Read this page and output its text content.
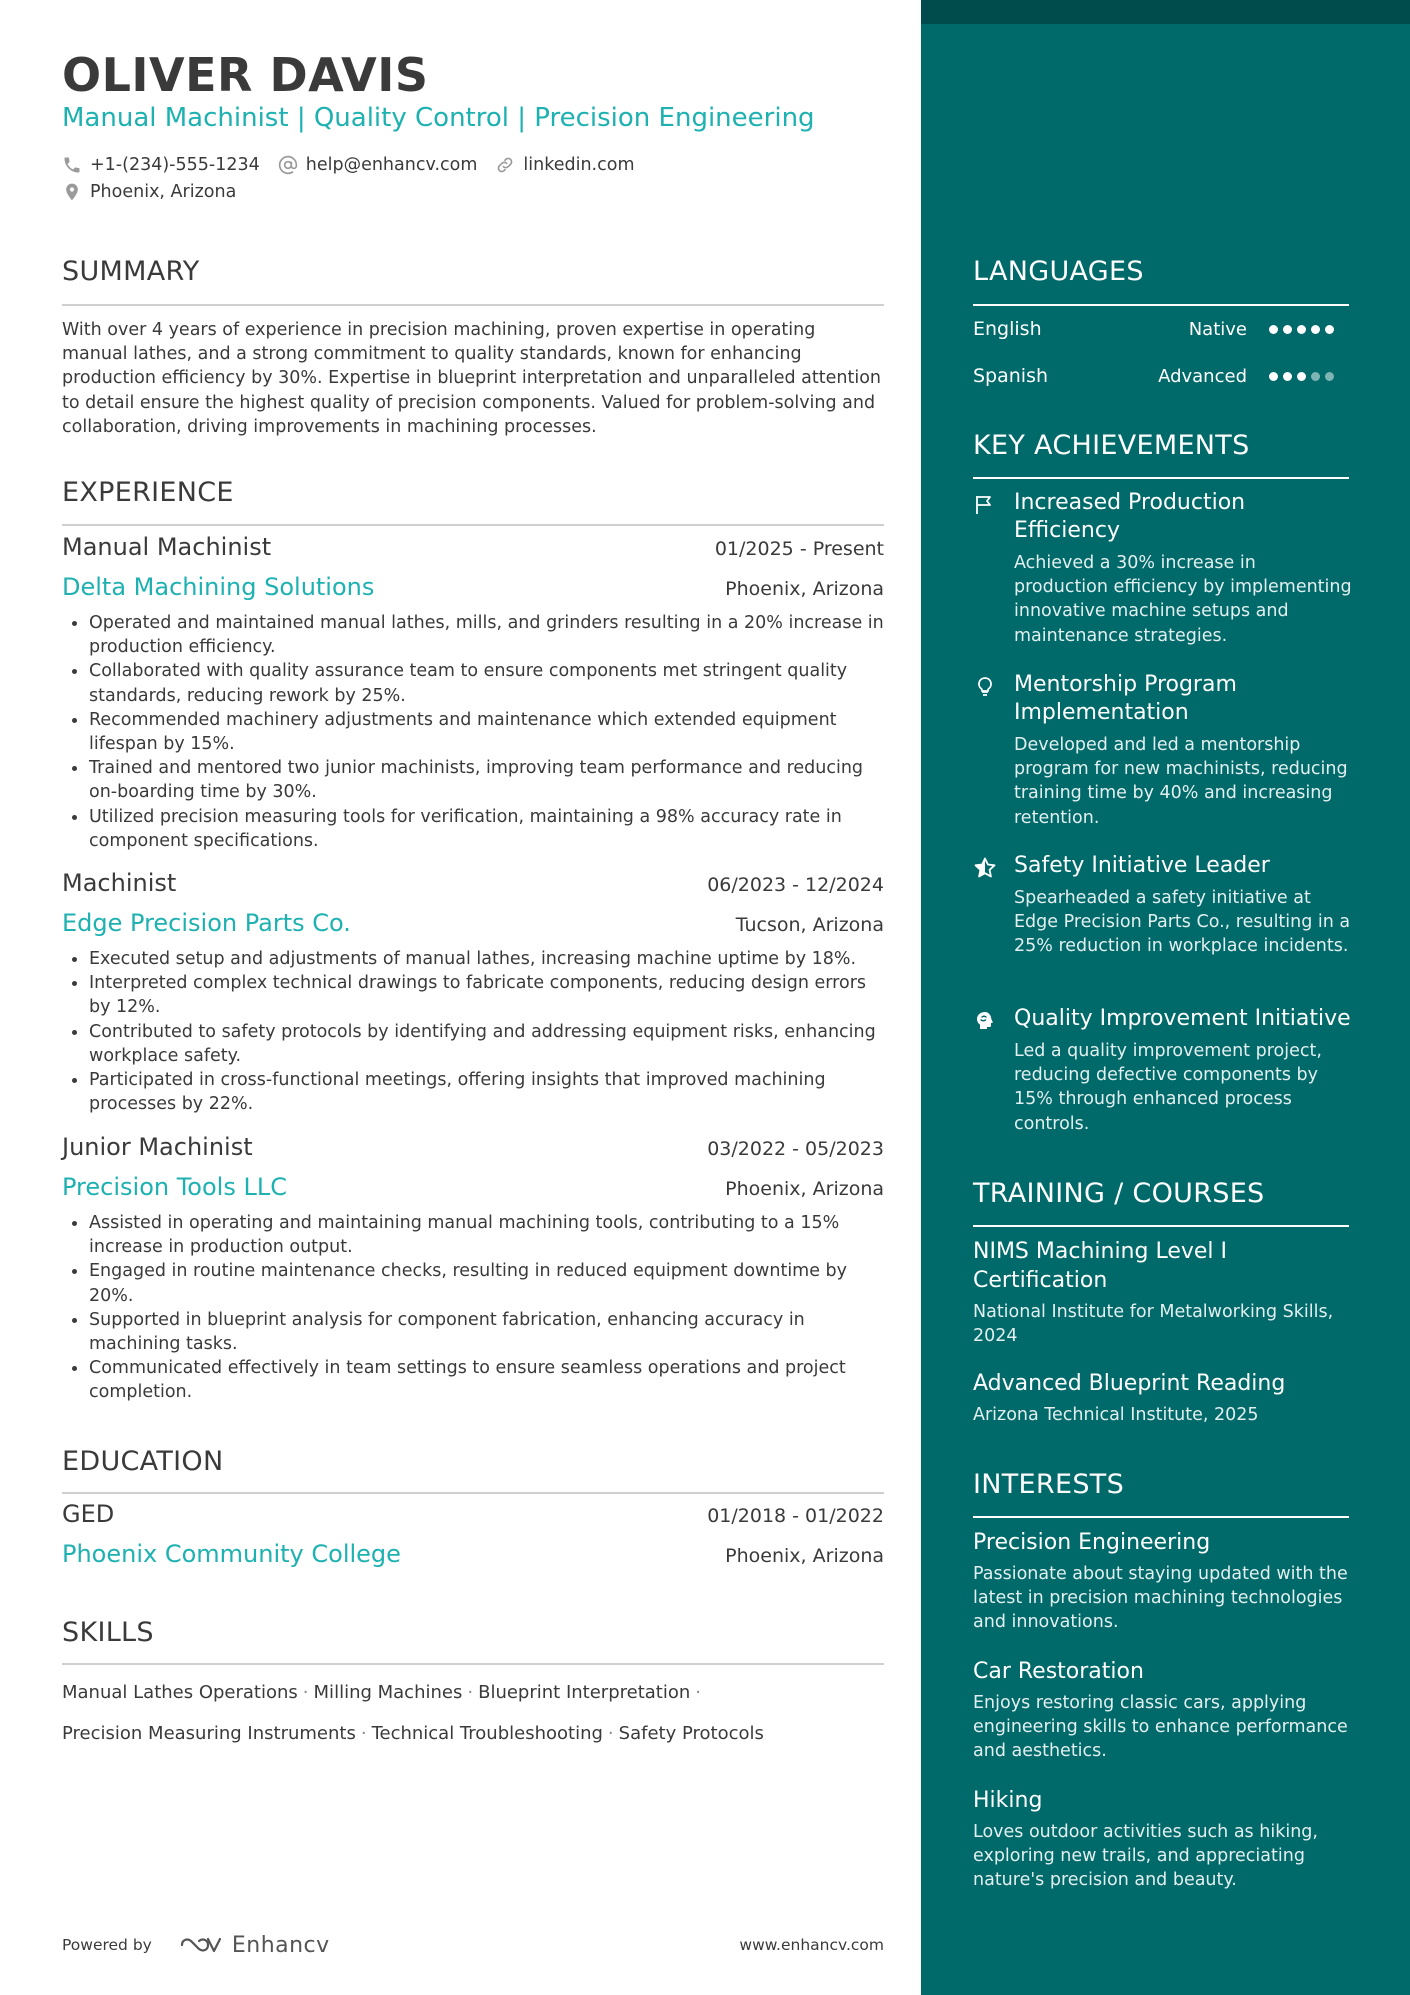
OLIVER DAVIS
Manual Machinist | Quality Control | Precision Engineering
+1-(234)-555-1234	help@enhancv.com	linkedin.com
Phoenix, Arizona
SUMMARY
With over 4 years of experience in precision machining, proven expertise in operating manual lathes, and a strong commitment to quality standards, known for enhancing production efficiency by 30%. Expertise in blueprint interpretation and unparalleled attention to detail ensure the highest quality of precision components. Valued for problem-solving and collaboration, driving improvements in machining processes.
EXPERIENCE
Manual Machinist	01/2025 - Present
Delta Machining Solutions	Phoenix, Arizona
Operated and maintained manual lathes, mills, and grinders resulting in a 20% increase in production efficiency.
Collaborated with quality assurance team to ensure components met stringent quality standards, reducing rework by 25%.
Recommended machinery adjustments and maintenance which extended equipment lifespan by 15%.
Trained and mentored two junior machinists, improving team performance and reducing on-boarding time by 30%.
Utilized precision measuring tools for verification, maintaining a 98% accuracy rate in component specifications.
Machinist	06/2023 - 12/2024
Edge Precision Parts Co.	Tucson, Arizona
Executed setup and adjustments of manual lathes, increasing machine uptime by 18%.
Interpreted complex technical drawings to fabricate components, reducing design errors by 12%.
Contributed to safety protocols by identifying and addressing equipment risks, enhancing workplace safety.
Participated in cross-functional meetings, offering insights that improved machining processes by 22%.
Junior Machinist	03/2022 - 05/2023
Precision Tools LLC	Phoenix, Arizona
Assisted in operating and maintaining manual machining tools, contributing to a 15% increase in production output.
Engaged in routine maintenance checks, resulting in reduced equipment downtime by 20%.
Supported in blueprint analysis for component fabrication, enhancing accuracy in machining tasks.
Communicated effectively in team settings to ensure seamless operations and project completion.
EDUCATION
GED	01/2018 - 01/2022
Phoenix Community College	Phoenix, Arizona
SKILLS
Manual Lathes Operations · Milling Machines · Blueprint Interpretation ·
Precision Measuring Instruments · Technical Troubleshooting · Safety Protocols
Powered by	Enhancv	www.enhancv.com
LANGUAGES
English	Native
Spanish	Advanced
KEY ACHIEVEMENTS
Increased Production Efficiency
Achieved a 30% increase in production efficiency by implementing innovative machine setups and maintenance strategies.
Mentorship Program Implementation
Developed and led a mentorship program for new machinists, reducing training time by 40% and increasing retention.
Safety Initiative Leader
Spearheaded a safety initiative at Edge Precision Parts Co., resulting in a 25% reduction in workplace incidents.
Quality Improvement Initiative
Led a quality improvement project, reducing defective components by 15% through enhanced process controls.
TRAINING / COURSES
NIMS Machining Level I Certification
National Institute for Metalworking Skills, 2024
Advanced Blueprint Reading
Arizona Technical Institute, 2025
INTERESTS
Precision Engineering
Passionate about staying updated with the latest in precision machining technologies and innovations.
Car Restoration
Enjoys restoring classic cars, applying engineering skills to enhance performance and aesthetics.
Hiking
Loves outdoor activities such as hiking, exploring new trails, and appreciating nature's precision and beauty.
